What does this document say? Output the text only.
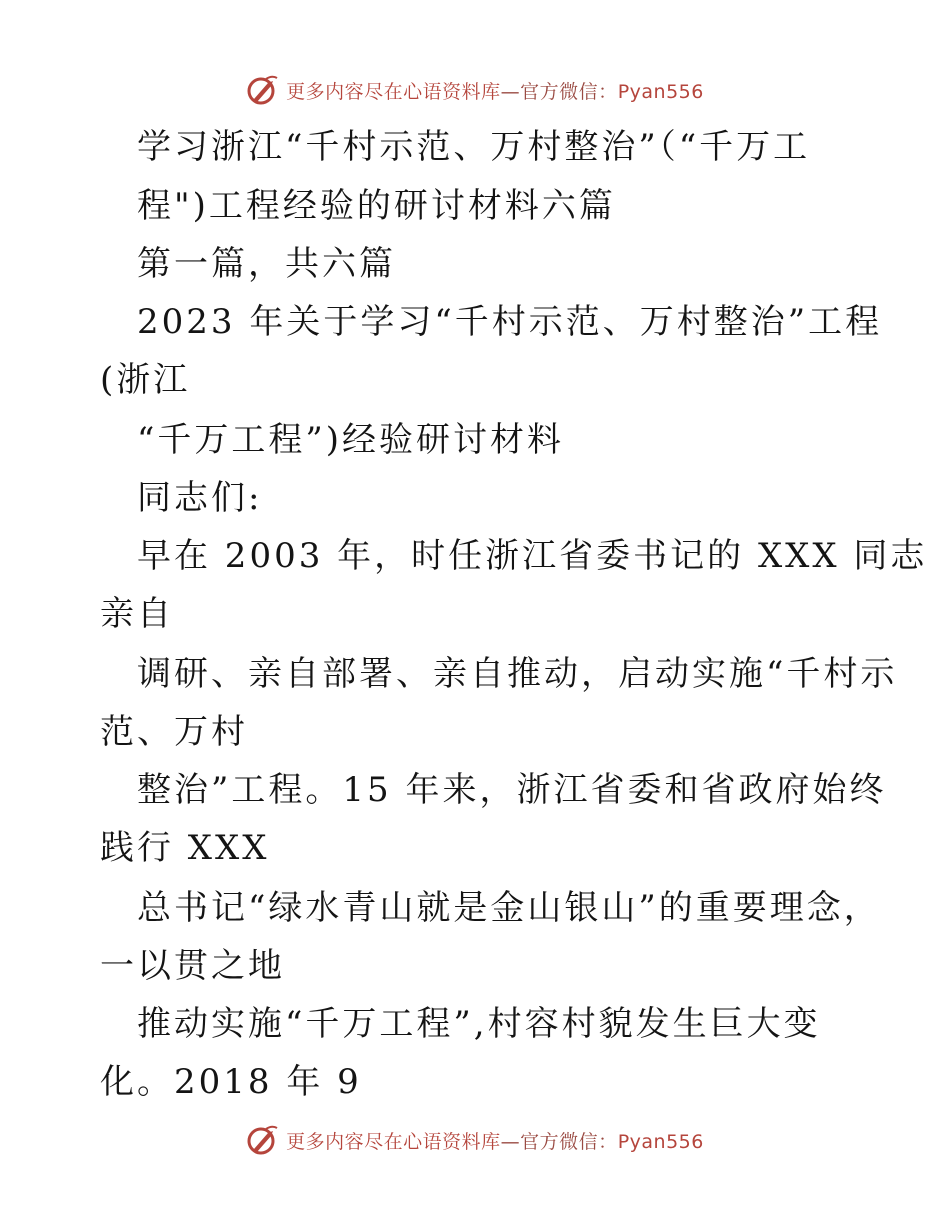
更多内容尽在心语资料库—官方微信：Pyan556
学习浙江“千村示范、万村整治”（“千万工
程")工程经验的研讨材料六篇
第一篇，共六篇
2023 年关于学习“千村示范、万村整治”工程
(浙江
“千万工程”)经验研讨材料
同志们:
早在 2003 年，时任浙江省委书记的 XXX 同志
亲自
调研、亲自部署、亲自推动，启动实施“千村示
范、万村
整治”工程。15 年来，浙江省委和省政府始终
践行 XXX
总书记“绿水青山就是金山银山”的重要理念，
一以贯之地
推动实施“千万工程”,村容村貌发生巨大变
化。2018 年 9
更多内容尽在心语资料库—官方微信：Pyan556
